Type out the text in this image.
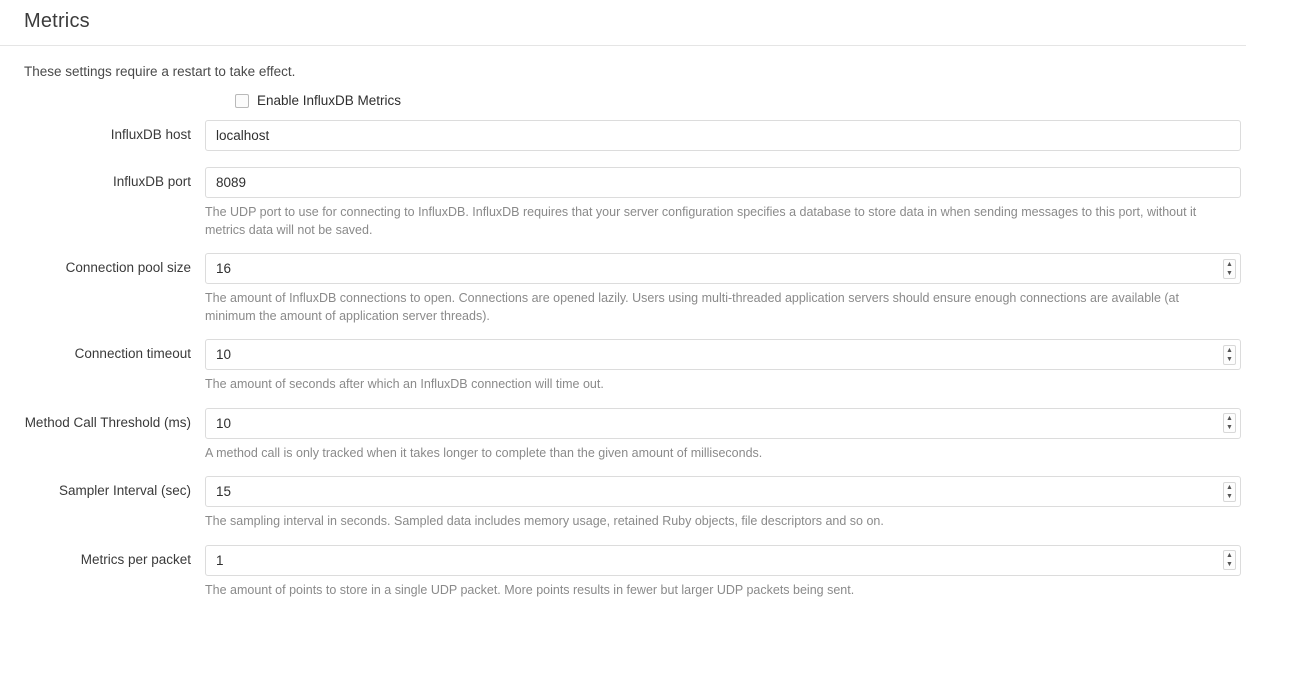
Metrics
These settings require a restart to take effect.
Enable InfluxDB Metrics
InfluxDB host
localhost
InfluxDB port
8089
The UDP port to use for connecting to InfluxDB. InfluxDB requires that your server configuration specifies a database to store data in when sending messages to this port, without it metrics data will not be saved.
Connection pool size
16	▲
▼
The amount of InfluxDB connections to open. Connections are opened lazily. Users using multi-threaded application servers should ensure enough connections are available (at minimum the amount of application server threads).
Connection timeout
10	▲
▼
The amount of seconds after which an InfluxDB connection will time out.
Method Call Threshold (ms)
10	▲
▼
A method call is only tracked when it takes longer to complete than the given amount of milliseconds.
Sampler Interval (sec)
15	▲
▼
The sampling interval in seconds. Sampled data includes memory usage, retained Ruby objects, file descriptors and so on.
Metrics per packet
1	▲
▼
The amount of points to store in a single UDP packet. More points results in fewer but larger UDP packets being sent.
